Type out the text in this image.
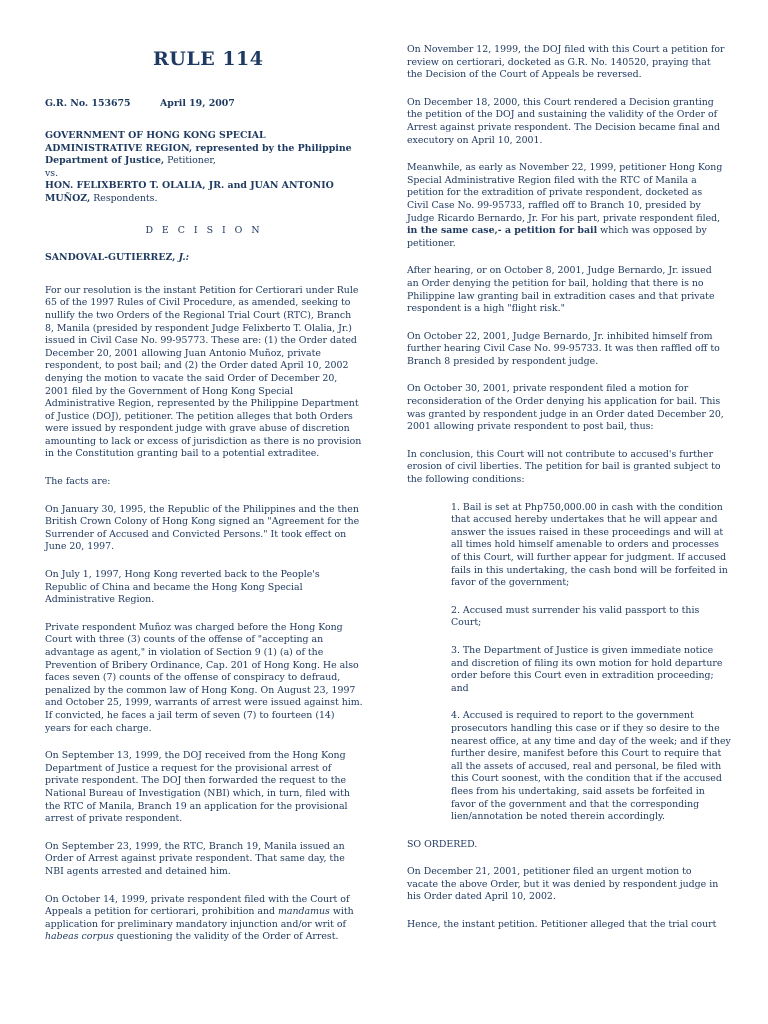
RULE 114
G.R. No. 153675	April 19, 2007

GOVERNMENT OF HONG KONG SPECIAL ADMINISTRATIVE REGION, represented by the Philippine Department of Justice, Petitioner,
vs.
HON. FELIXBERTO T. OLALIA, JR. and JUAN ANTONIO MUÑOZ, Respondents.

D E C I S I O N

SANDOVAL-GUTIERREZ, J.:

For our resolution is the instant Petition for Certiorari under Rule 65 of the 1997 Rules of Civil Procedure, as amended, seeking to nullify the two Orders of the Regional Trial Court (RTC), Branch 8, Manila (presided by respondent Judge Felixberto T. Olalia, Jr.) issued in Civil Case No. 99-95773. These are: (1) the Order dated December 20, 2001 allowing Juan Antonio Muñoz, private respondent, to post bail; and (2) the Order dated April 10, 2002 denying the motion to vacate the said Order of December 20, 2001 filed by the Government of Hong Kong Special Administrative Region, represented by the Philippine Department of Justice (DOJ), petitioner. The petition alleges that both Orders were issued by respondent judge with grave abuse of discretion amounting to lack or excess of jurisdiction as there is no provision in the Constitution granting bail to a potential extraditee.

The facts are:

On January 30, 1995, the Republic of the Philippines and the then British Crown Colony of Hong Kong signed an "Agreement for the Surrender of Accused and Convicted Persons." It took effect on June 20, 1997.

On July 1, 1997, Hong Kong reverted back to the People's Republic of China and became the Hong Kong Special Administrative Region.

Private respondent Muñoz was charged before the Hong Kong Court with three (3) counts of the offense of "accepting an advantage as agent," in violation of Section 9 (1) (a) of the Prevention of Bribery Ordinance, Cap. 201 of Hong Kong. He also faces seven (7) counts of the offense of conspiracy to defraud, penalized by the common law of Hong Kong. On August 23, 1997 and October 25, 1999, warrants of arrest were issued against him. If convicted, he faces a jail term of seven (7) to fourteen (14) years for each charge.

On September 13, 1999, the DOJ received from the Hong Kong Department of Justice a request for the provisional arrest of private respondent. The DOJ then forwarded the request to the National Bureau of Investigation (NBI) which, in turn, filed with the RTC of Manila, Branch 19 an application for the provisional arrest of private respondent.

On September 23, 1999, the RTC, Branch 19, Manila issued an Order of Arrest against private respondent. That same day, the NBI agents arrested and detained him.

On October 14, 1999, private respondent filed with the Court of Appeals a petition for certiorari, prohibition and mandamus with application for preliminary mandatory injunction and/or writ of habeas corpus questioning the validity of the Order of Arrest.

On November 12, 1999, the DOJ filed with this Court a petition for review on certiorari, docketed as G.R. No. 140520, praying that the Decision of the Court of Appeals be reversed.

On December 18, 2000, this Court rendered a Decision granting the petition of the DOJ and sustaining the validity of the Order of Arrest against private respondent. The Decision became final and executory on April 10, 2001.

Meanwhile, as early as November 22, 1999, petitioner Hong Kong Special Administrative Region filed with the RTC of Manila a petition for the extradition of private respondent, docketed as Civil Case No. 99-95733, raffled off to Branch 10, presided by Judge Ricardo Bernardo, Jr. For his part, private respondent filed, in the same case,- a petition for bail which was opposed by petitioner.

After hearing, or on October 8, 2001, Judge Bernardo, Jr. issued an Order denying the petition for bail, holding that there is no Philippine law granting bail in extradition cases and that private respondent is a high "flight risk."

On October 22, 2001, Judge Bernardo, Jr. inhibited himself from further hearing Civil Case No. 99-95733. It was then raffled off to Branch 8 presided by respondent judge.

On October 30, 2001, private respondent filed a motion for reconsideration of the Order denying his application for bail. This was granted by respondent judge in an Order dated December 20, 2001 allowing private respondent to post bail, thus:

In conclusion, this Court will not contribute to accused's further erosion of civil liberties. The petition for bail is granted subject to the following conditions:

1. Bail is set at Php750,000.00 in cash with the condition that accused hereby undertakes that he will appear and answer the issues raised in these proceedings and will at all times hold himself amenable to orders and processes of this Court, will further appear for judgment. If accused fails in this undertaking, the cash bond will be forfeited in favor of the government;

2. Accused must surrender his valid passport to this Court;

3. The Department of Justice is given immediate notice and discretion of filing its own motion for hold departure order before this Court even in extradition proceeding; and

4. Accused is required to report to the government prosecutors handling this case or if they so desire to the nearest office, at any time and day of the week; and if they further desire, manifest before this Court to require that all the assets of accused, real and personal, be filed with this Court soonest, with the condition that if the accused flees from his undertaking, said assets be forfeited in favor of the government and that the corresponding lien/annotation be noted therein accordingly.

SO ORDERED.

On December 21, 2001, petitioner filed an urgent motion to vacate the above Order, but it was denied by respondent judge in his Order dated April 10, 2002.

Hence, the instant petition. Petitioner alleged that the trial court
